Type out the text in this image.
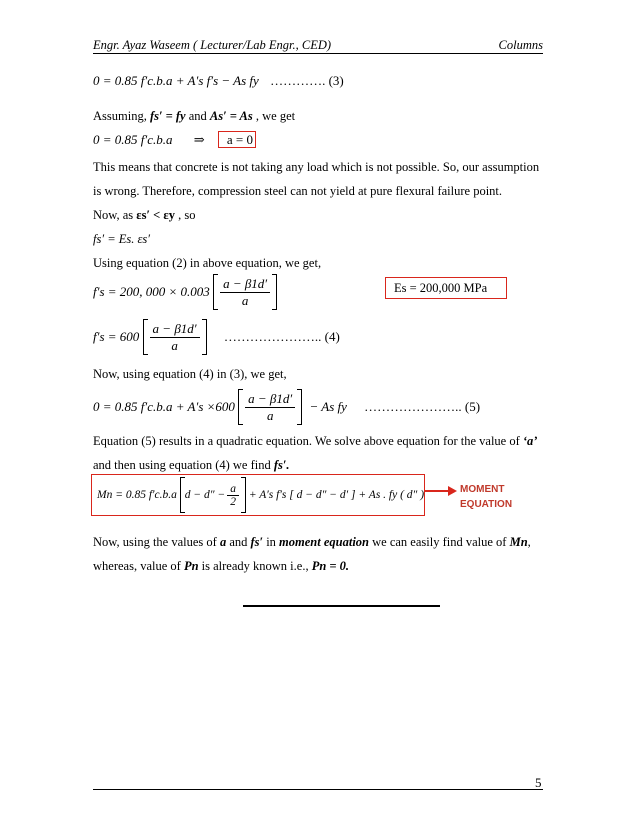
Engr. Ayaz Waseem ( Lecturer/Lab Engr., CED)	Columns
0 = 0.85 f′c.b.a + A′s f′s − As fy …………. (3)
Assuming, fs′ = fy and As′ = As , we get
0 = 0.85 f′c.b.a ⇒ a = 0
This means that concrete is not taking any load which is not possible. So, our assumption
is wrong. Therefore, compression steel can not yield at pure flexural failure point.
Now, as εs′ < εy , so
fs′ = Es. εs′
Using equation (2) in above equation, we get,
f′s = 200, $000 \times 0.003 \frac{a - \beta 1d'}{a}$	Es = 200,000 MPa
$f's = 600 \frac{a - \beta 1d'}{a}$ ………………….. (4)
Now, using equation (4) in (3), we get,
0 = 0.85 $f'c.b.a + A's \times 600 \frac{a - \beta 1d'}{a} - As$ fy ………………….. (5)
Equation (5) results in a quadratic equation. We solve above equation for the value of ‘a’
and then using equation (4) we find fs′.
Mn = 0.85 f′c.b.a $d - d'' - \frac{a}{2} + A's$ f′s [ d − d″ − d′ ] + As . fy ( d″ )	MOMENT
EQUATION
Now, using the values of a and fs′ in moment equation we can easily find value of Mn,
whereas, value of Pn is already known i.e., Pn = 0.
5
